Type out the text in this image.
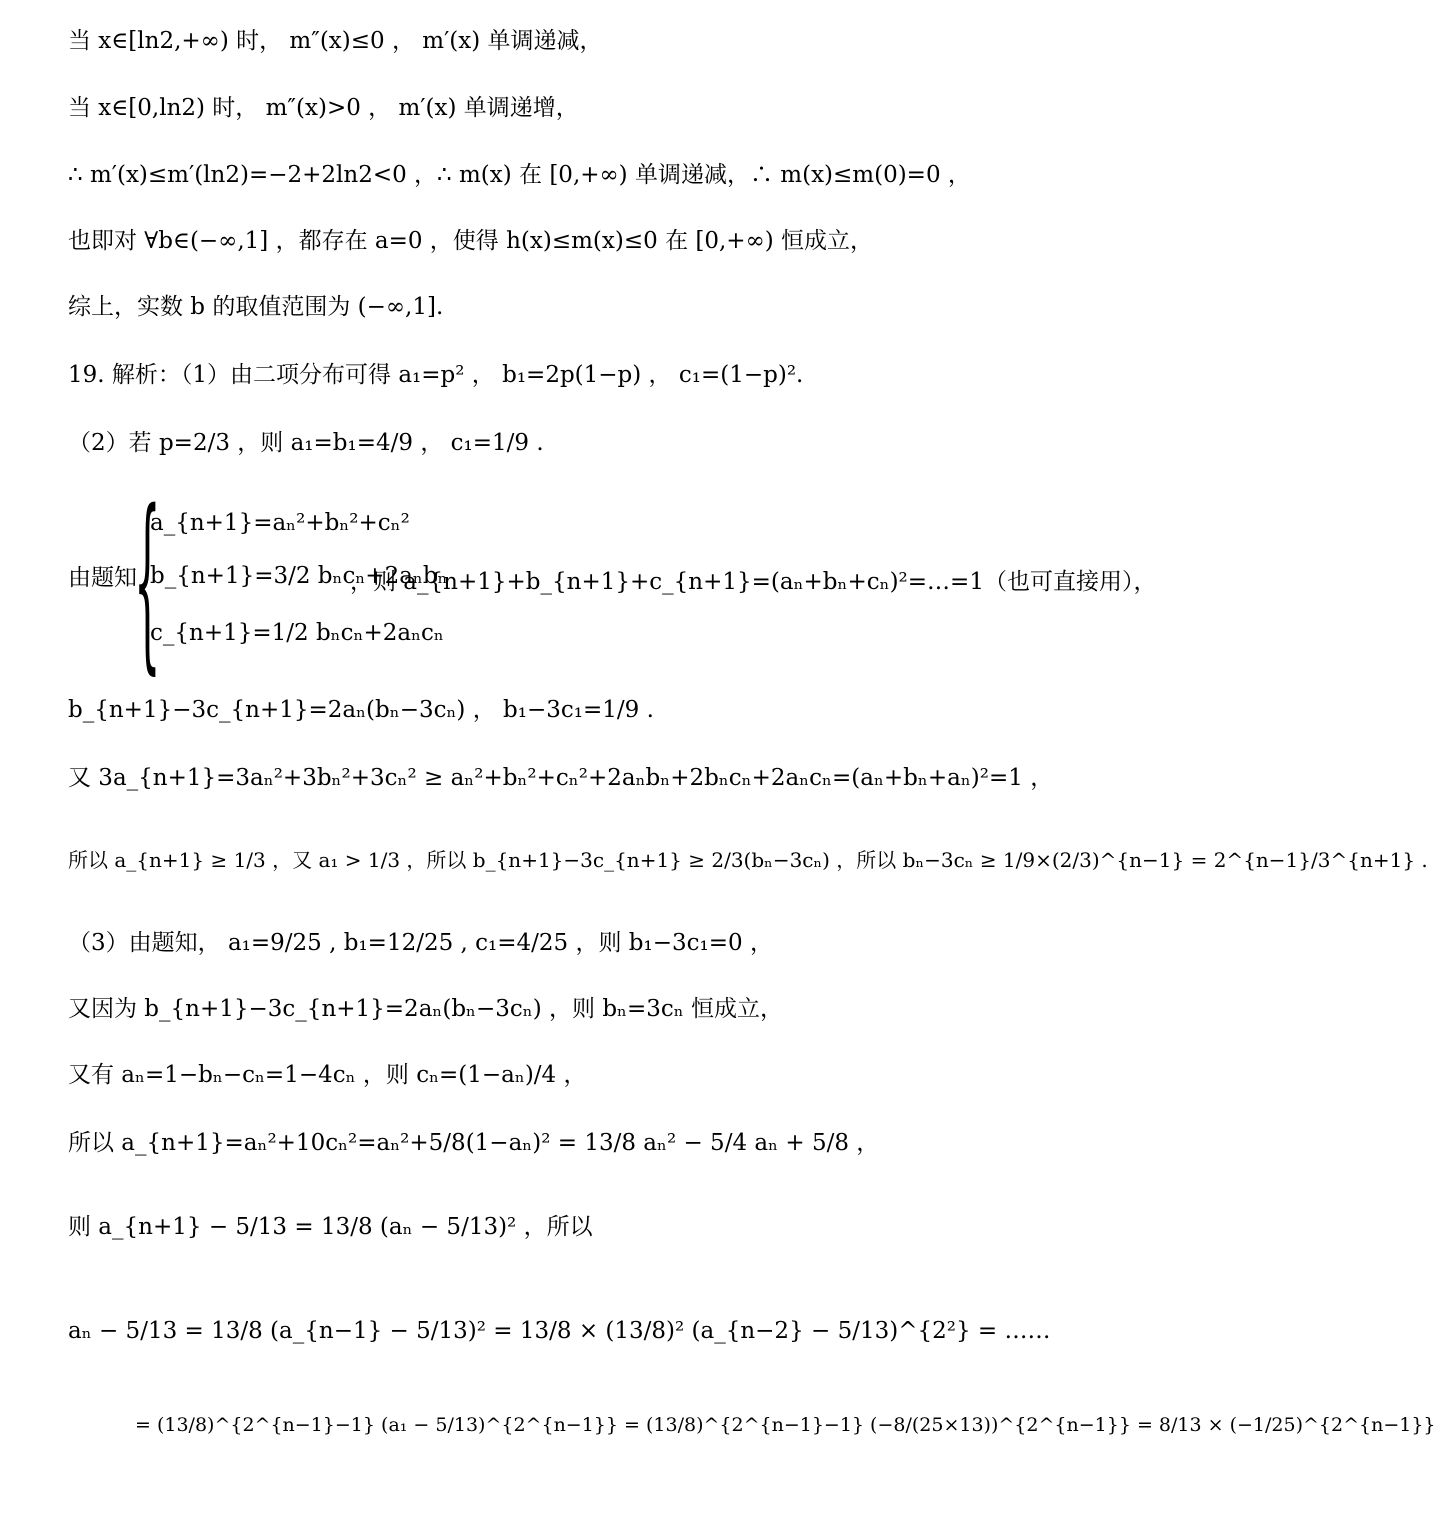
当 x∈[ln2,+∞) 时， m″(x)≤0 ， m′(x) 单调递减，
当 x∈[0,ln2) 时， m″(x)>0 ， m′(x) 单调递增，
∴ m′(x)≤m′(ln2)=−2+2ln2<0 ，∴ m(x) 在 [0,+∞) 单调递减，∴ m(x)≤m(0)=0 ，
也即对 ∀b∈(−∞,1] ，都存在 a=0 ，使得 h(x)≤m(x)≤0 在 [0,+∞) 恒成立，
综上，实数 b 的取值范围为 (−∞,1].
19. 解析：（1）由二项分布可得 a₁=p² ， b₁=2p(1−p) ， c₁=(1−p)².
（2）若 p=2/3 ，则 a₁=b₁=4/9 ， c₁=1/9 .
由题知
{
a_{n+1}=aₙ²+bₙ²+cₙ²
b_{n+1}=3/2 bₙcₙ+2aₙbₙ
c_{n+1}=1/2 bₙcₙ+2aₙcₙ
，则 a_{n+1}+b_{n+1}+c_{n+1}=(aₙ+bₙ+cₙ)²=…=1（也可直接用），
b_{n+1}−3c_{n+1}=2aₙ(bₙ−3cₙ) ， b₁−3c₁=1/9 .
又 3a_{n+1}=3aₙ²+3bₙ²+3cₙ² ≥ aₙ²+bₙ²+cₙ²+2aₙbₙ+2bₙcₙ+2aₙcₙ=(aₙ+bₙ+aₙ)²=1 ，
所以 a_{n+1} ≥ 1/3 ，又 a₁ > 1/3 ，所以 b_{n+1}−3c_{n+1} ≥ 2/3(bₙ−3cₙ) ，所以 bₙ−3cₙ ≥ 1/9×(2/3)^{n−1} = 2^{n−1}/3^{n+1} .
（3）由题知， a₁=9/25 , b₁=12/25 , c₁=4/25 ，则 b₁−3c₁=0 ，
又因为 b_{n+1}−3c_{n+1}=2aₙ(bₙ−3cₙ) ，则 bₙ=3cₙ 恒成立，
又有 aₙ=1−bₙ−cₙ=1−4cₙ ，则 cₙ=(1−aₙ)/4 ，
所以 a_{n+1}=aₙ²+10cₙ²=aₙ²+5/8(1−aₙ)² = 13/8 aₙ² − 5/4 aₙ + 5/8 ，
则 a_{n+1} − 5/13 = 13/8 (aₙ − 5/13)² ，所以
aₙ − 5/13 = 13/8 (a_{n−1} − 5/13)² = 13/8 × (13/8)² (a_{n−2} − 5/13)^{2²} = ……
= (13/8)^{2^{n−1}−1} (a₁ − 5/13)^{2^{n−1}} = (13/8)^{2^{n−1}−1} (−8/(25×13))^{2^{n−1}} = 8/13 × (−1/25)^{2^{n−1}}
